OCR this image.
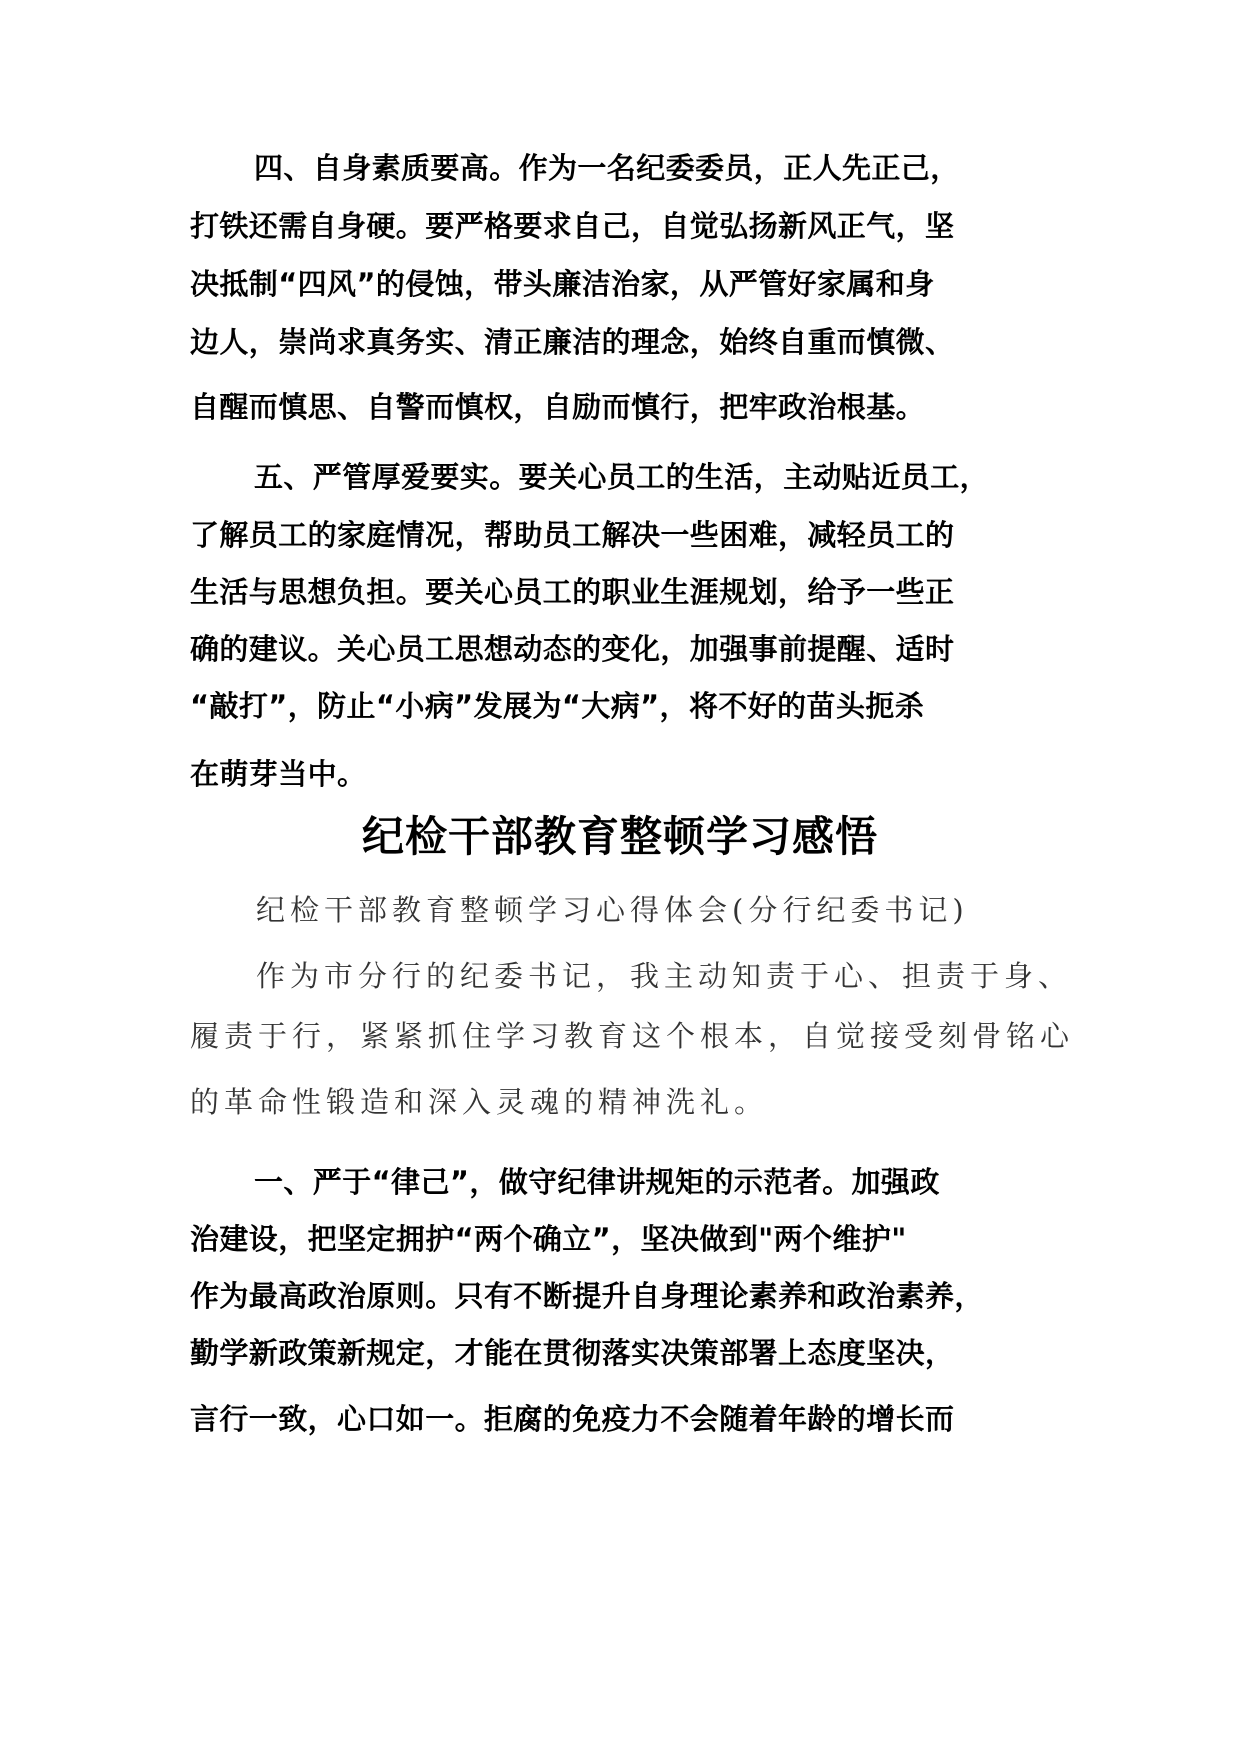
四、自身素质要高。作为一名纪委委员，正人先正己，

打铁还需自身硬。要严格要求自己，自觉弘扬新风正气，坚

决抵制“四风”的侵蚀，带头廉洁治家，从严管好家属和身

边人，崇尚求真务实、清正廉洁的理念，始终自重而慎微、

自醒而慎思、自警而慎权，自励而慎行，把牢政治根基。

五、严管厚爱要实。要关心员工的生活，主动贴近员工，

了解员工的家庭情况，帮助员工解决一些困难，减轻员工的

生活与思想负担。要关心员工的职业生涯规划，给予一些正

确的建议。关心员工思想动态的变化，加强事前提醒、适时

“敲打”，防止“小病”发展为“大病”，将不好的苗头扼杀

在萌芽当中。

纪检干部教育整顿学习感悟

纪检干部教育整顿学习心得体会(分行纪委书记)

作为市分行的纪委书记，我主动知责于心、担责于身、

履责于行，紧紧抓住学习教育这个根本，自觉接受刻骨铭心

的革命性锻造和深入灵魂的精神洗礼。

一、严于“律己”，做守纪律讲规矩的示范者。加强政

治建设，把坚定拥护“两个确立”，坚决做到"两个维护"

作为最高政治原则。只有不断提升自身理论素养和政治素养，

勤学新政策新规定，才能在贯彻落实决策部署上态度坚决，

言行一致，心口如一。拒腐的免疫力不会随着年龄的增长而
